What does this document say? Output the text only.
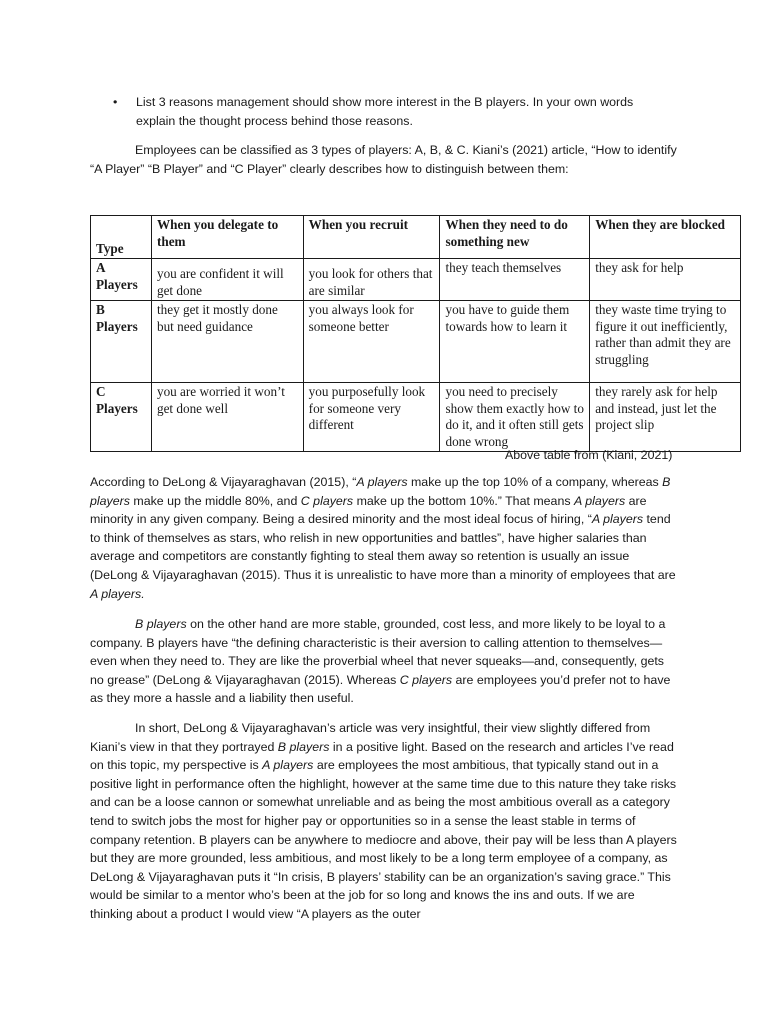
• List 3 reasons management should show more interest in the B players. In your own words explain the thought process behind those reasons.

Employees can be classified as 3 types of players: A, B, & C. Kiani’s (2021) article, “How to identify “A Player” “B Player” and “C Player” clearly describes how to distinguish between them:

Type	When you delegate to them	When you recruit	When they need to do something new	When they are blocked
A Players	you are confident it will get done	you look for others that are similar	they teach themselves	they ask for help
B Players	they get it mostly done but need guidance	you always look for someone better	you have to guide them towards how to learn it	they waste time trying to figure it out inefficiently, rather than admit they are struggling
C Players	you are worried it won’t get done well	you purposefully look for someone very different	you need to precisely show them exactly how to do it, and it often still gets done wrong	they rarely ask for help and instead, just let the project slip
Above table from (Kiani, 2021)

According to DeLong & Vijayaraghavan (2015), “A players make up the top 10% of a company, whereas B players make up the middle 80%, and C players make up the bottom 10%.” That means A players are minority in any given company. Being a desired minority and the most ideal focus of hiring, “A players tend to think of themselves as stars, who relish in new opportunities and battles”, have higher salaries than average and competitors are constantly fighting to steal them away so retention is usually an issue (DeLong & Vijayaraghavan (2015). Thus it is unrealistic to have more than a minority of employees that are A players.

B players on the other hand are more stable, grounded, cost less, and more likely to be loyal to a company. B players have “the defining characteristic is their aversion to calling attention to themselves—even when they need to. They are like the proverbial wheel that never squeaks—and, consequently, gets no grease” (DeLong & Vijayaraghavan (2015). Whereas C players are employees you’d prefer not to have as they more a hassle and a liability then useful.

In short, DeLong & Vijayaraghavan’s article was very insightful, their view slightly differed from Kiani’s view in that they portrayed B players in a positive light. Based on the research and articles I’ve read on this topic, my perspective is A players are employees the most ambitious, that typically stand out in a positive light in performance often the highlight, however at the same time due to this nature they take risks and can be a loose cannon or somewhat unreliable and as being the most ambitious overall as a category tend to switch jobs the most for higher pay or opportunities so in a sense the least stable in terms of company retention. B players can be anywhere to mediocre and above, their pay will be less than A players but they are more grounded, less ambitious, and most likely to be a long term employee of a company, as DeLong & Vijayaraghavan puts it “In crisis, B players’ stability can be an organization’s saving grace.” This would be similar to a mentor who’s been at the job for so long and knows the ins and outs. If we are thinking about a product I would view “A players as the outer
